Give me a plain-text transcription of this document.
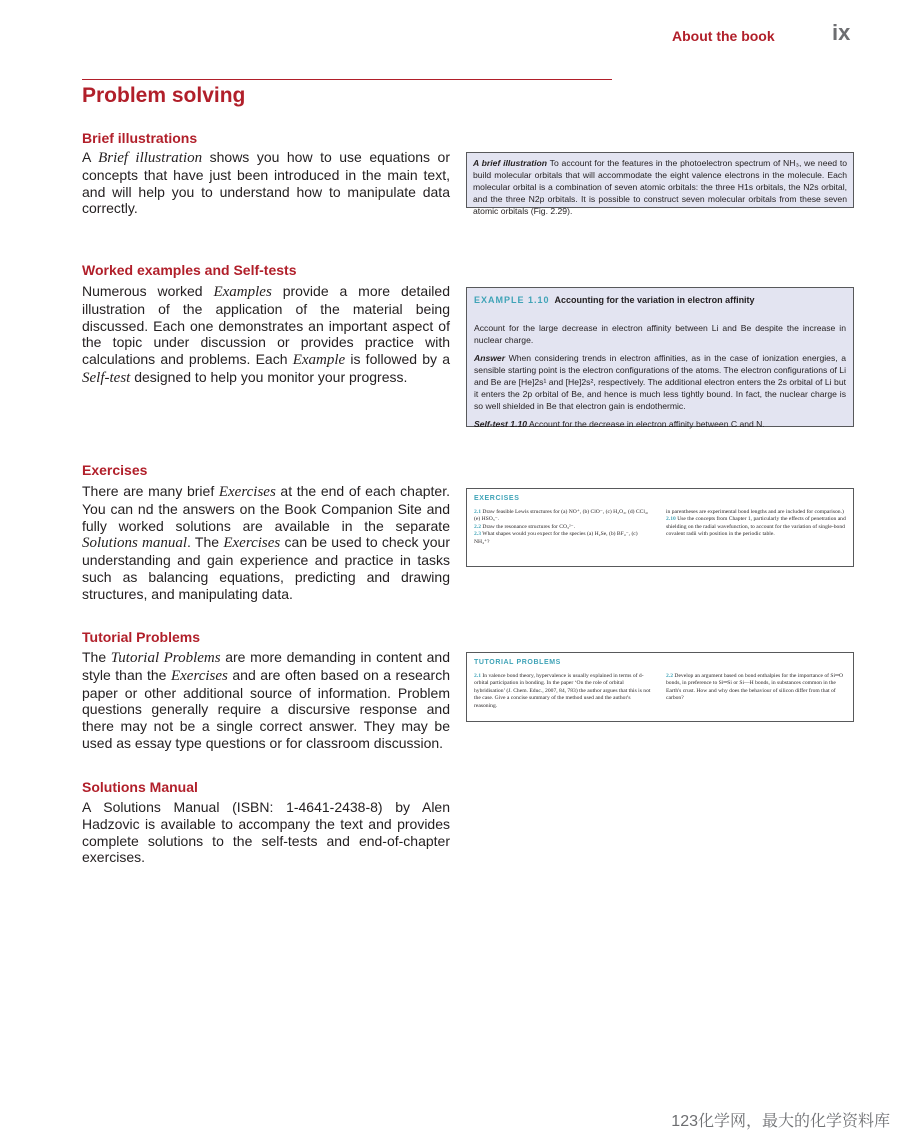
About the book	ix
Problem solving
Brief illustrations
A Brief illustration shows you how to use equations or concepts that have just been introduced in the main text, and will help you to understand how to manipulate data correctly.
Worked examples and Self-tests
Numerous worked Examples provide a more detailed illustration of the application of the material being discussed. Each one demonstrates an important aspect of the topic under discussion or provides practice with calculations and problems. Each Example is followed by a Self-test designed to help you monitor your progress.
Exercises
There are many brief Exercises at the end of each chapter. You can nd the answers on the Book Companion Site and fully worked solutions are available in the separate Solutions manual. The Exercises can be used to check your understanding and gain experience and practice in tasks such as balancing equations, predicting and drawing structures, and manipulating data.
Tutorial Problems
The Tutorial Problems are more demanding in content and style than the Exercises and are often based on a research paper or other additional source of information. Problem questions generally require a discursive response and there may not be a single correct answer. They may be used as essay type questions or for classroom discussion.
Solutions Manual
A Solutions Manual (ISBN: 1-4641-2438-8) by Alen Hadzovic is available to accompany the text and provides complete solutions to the self-tests and end-of-chapter exercises.
A brief illustration To account for the features in the photoelectron spectrum of NH₃, we need to build molecular orbitals that will accommodate the eight valence electrons in the molecule. Each molecular orbital is a combination of seven atomic orbitals: the three H1s orbitals, the N2s orbital, and the three N2p orbitals. It is possible to construct seven molecular orbitals from these seven atomic orbitals (Fig. 2.29).
EXAMPLE 1.10 Accounting for the variation in electron affinity
Account for the large decrease in electron affinity between Li and Be despite the increase in nuclear charge.
Answer When considering trends in electron affinities, as in the case of ionization energies, a sensible starting point is the electron configurations of the atoms. The electron configurations of Li and Be are [He]2s¹ and [He]2s², respectively. The additional electron enters the 2s orbital of Li but it enters the 2p orbital of Be, and hence is much less tightly bound. In fact, the nuclear charge is so well shielded in Be that electron gain is endothermic.
Self-test 1.10 Account for the decrease in electron affinity between C and N.
EXERCISES
2.1 Draw feasible Lewis structures for (a) NO⁺, (b) ClO⁻, (c) H₂O₂, (d) CCl₄, (e) HSO₃⁻.
2.2 Draw the resonance structures for CO₃²⁻.
2.3 What shapes would you expect for the species (a) H₂Se, (b) BF₄⁻, (c) NH₄⁺?
in parentheses are experimental bond lengths and are included for comparison.)
2.10 Use the concepts from Chapter 1, particularly the effects of penetration and shielding on the radial wavefunction, to account for the variation of single-bond covalent radii with position in the periodic table.
TUTORIAL PROBLEMS
2.1 In valence bond theory, hypervalence is usually explained in terms of d-orbital participation in bonding. In the paper ‘On the role of orbital hybridisation’ (J. Chem. Educ., 2007, 84, 783) the author argues that this is not the case. Give a concise summary of the method used and the author's reasoning.
2.2 Develop an argument based on bond enthalpies for the importance of Si═O bonds, in preference to Si═Si or Si—H bonds, in substances common in the Earth's crust. How and why does the behaviour of silicon differ from that of carbon?
123化学网，最大的化学资料库
